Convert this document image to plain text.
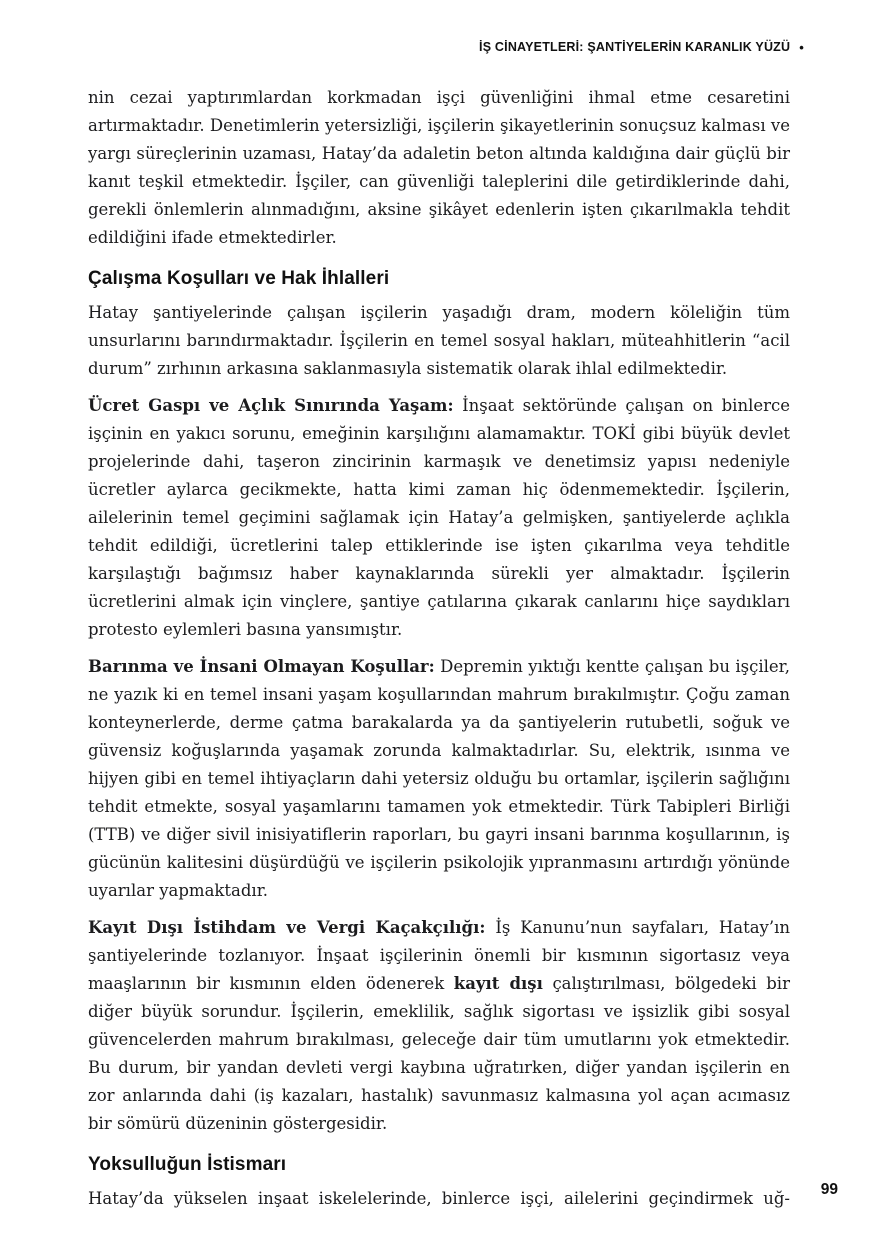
İŞ CİNAYETLERİ: ŞANTİYELERİN KARANLIK YÜZÜ •

nin cezai yaptırımlardan korkmadan işçi güvenliğini ihmal etme cesaretini artırmaktadır. Denetimlerin yetersizliği, işçilerin şikayetlerinin sonuçsuz kalması ve yargı süreçlerinin uzaması, Hatay’da adaletin beton altında kaldığına dair güçlü bir kanıt teşkil etmektedir. İşçiler, can güvenliği taleplerini dile getirdiklerinde dahi, gerekli önlemlerin alınmadığını, aksine şikâyet edenlerin işten çıkarılmakla tehdit edildiğini ifade etmektedirler.

Çalışma Koşulları ve Hak İhlalleri

Hatay şantiyelerinde çalışan işçilerin yaşadığı dram, modern köleliğin tüm unsurlarını barındırmaktadır. İşçilerin en temel sosyal hakları, müteahhitlerin “acil durum” zırhının arkasına saklanmasıyla sistematik olarak ihlal edilmektedir.

Ücret Gaspı ve Açlık Sınırında Yaşam: İnşaat sektöründe çalışan on binlerce işçinin en yakıcı sorunu, emeğinin karşılığını alamamaktır. TOKİ gibi büyük devlet projelerinde dahi, taşeron zincirinin karmaşık ve denetimsiz yapısı nedeniyle ücretler aylarca gecikmekte, hatta kimi zaman hiç ödenmemektedir. İşçilerin, ailelerinin temel geçimini sağlamak için Hatay’a gelmişken, şantiyelerde açlıkla tehdit edildiği, ücretlerini talep ettiklerinde ise işten çıkarılma veya tehditle karşılaştığı bağımsız haber kaynaklarında sürekli yer almaktadır. İşçilerin ücretlerini almak için vinçlere, şantiye çatılarına çıkarak canlarını hiçe saydıkları protesto eylemleri basına yansımıştır.

Barınma ve İnsani Olmayan Koşullar: Depremin yıktığı kentte çalışan bu işçiler, ne yazık ki en temel insani yaşam koşullarından mahrum bırakılmıştır. Çoğu zaman konteynerlerde, derme çatma barakalarda ya da şantiyelerin rutubetli, soğuk ve güvensiz koğuşlarında yaşamak zorunda kalmaktadırlar. Su, elektrik, ısınma ve hijyen gibi en temel ihtiyaçların dahi yetersiz olduğu bu ortamlar, işçilerin sağlığını tehdit etmekte, sosyal yaşamlarını tamamen yok etmektedir. Türk Tabipleri Birliği (TTB) ve diğer sivil inisiyatiflerin raporları, bu gayri insani barınma koşullarının, iş gücünün kalitesini düşürdüğü ve işçilerin psikolojik yıpranmasını artırdığı yönünde uyarılar yapmaktadır.

Kayıt Dışı İstihdam ve Vergi Kaçakçılığı: İş Kanunu’nun sayfaları, Hatay’ın şantiyelerinde tozlanıyor. İnşaat işçilerinin önemli bir kısmının sigortasız veya maaşlarının bir kısmının elden ödenerek kayıt dışı çalıştırılması, bölgedeki bir diğer büyük sorundur. İşçilerin, emeklilik, sağlık sigortası ve işsizlik gibi sosyal güvencelerden mahrum bırakılması, geleceğe dair tüm umutlarını yok etmektedir. Bu durum, bir yandan devleti vergi kaybına uğratırken, diğer yandan işçilerin en zor anlarında dahi (iş kazaları, hastalık) savunmasız kalmasına yol açan acımasız bir sömürü düzeninin göstergesidir.

Yoksulluğun İstismarı

Hatay’da yükselen inşaat iskelelerinde, binlerce işçi, ailelerini geçindirmek uğ- 99
